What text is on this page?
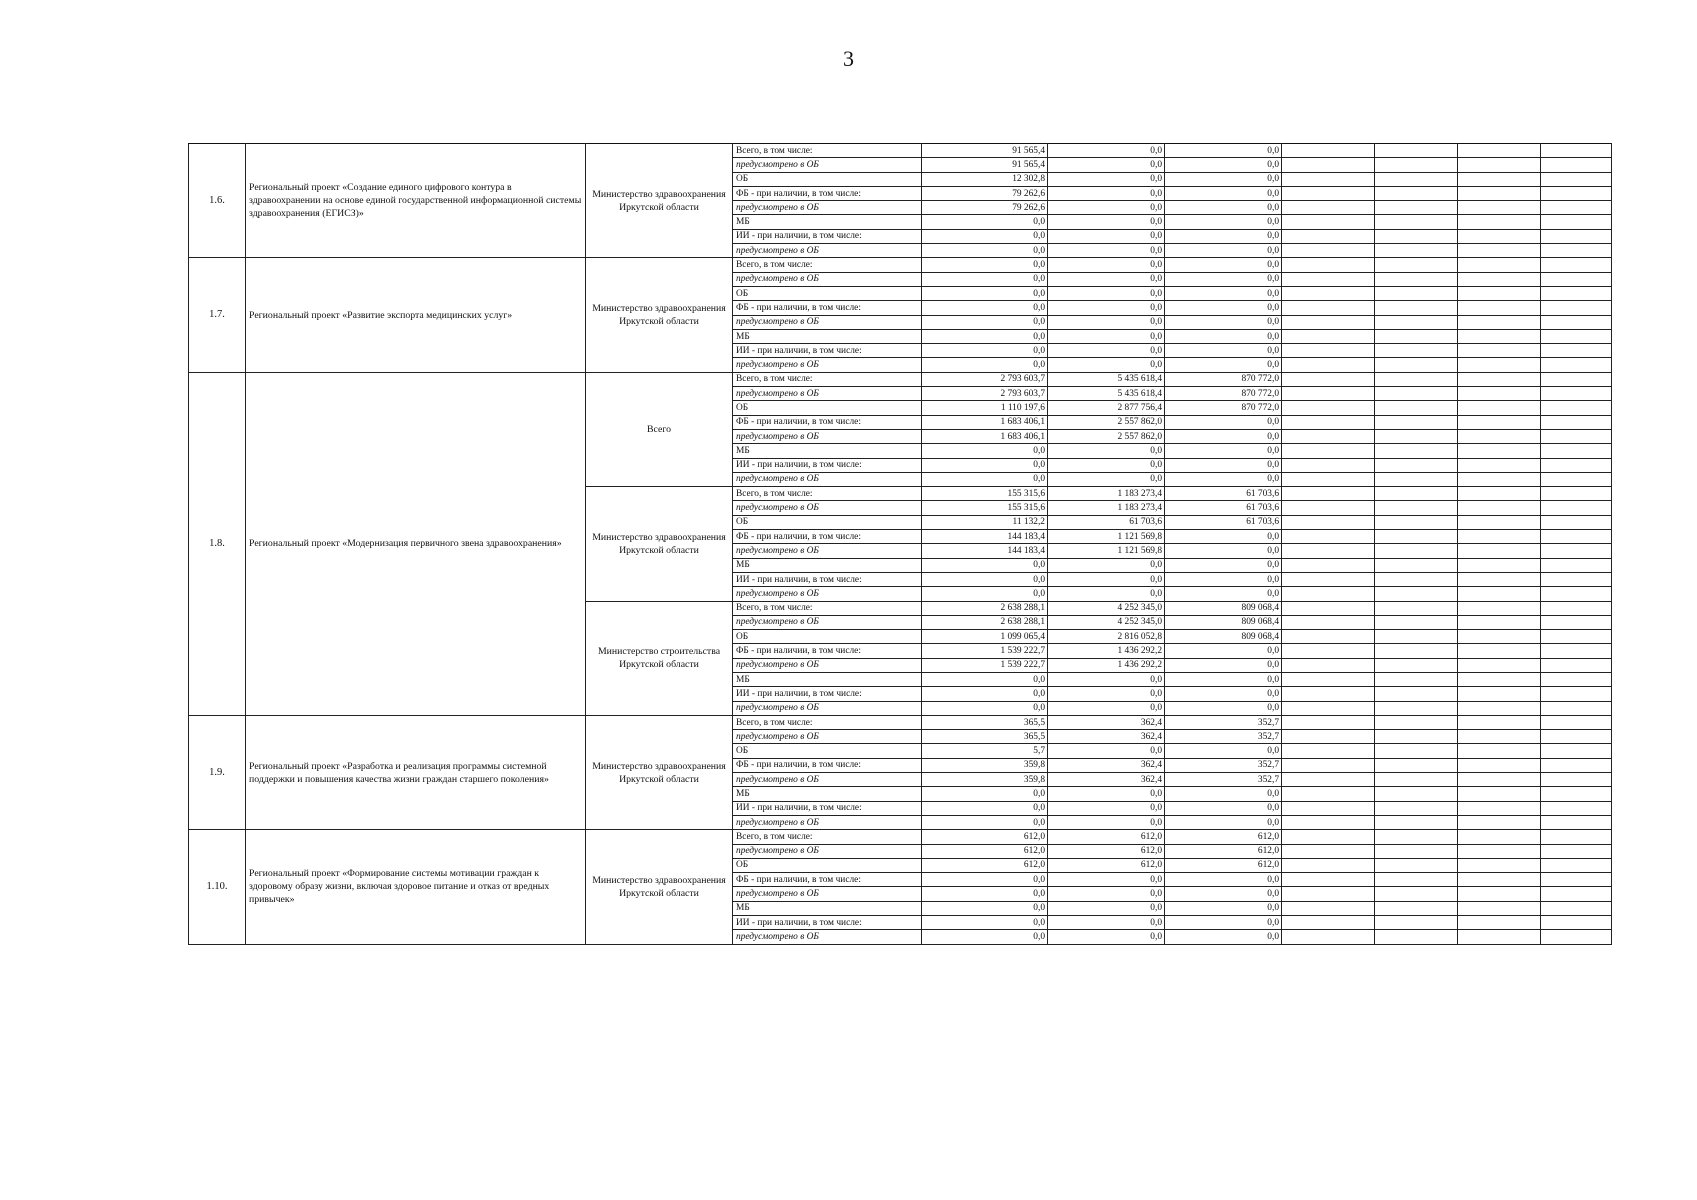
3
1.6.	Региональный проект «Создание единого цифрового контура в здравоохранении на основе единой государственной информационной системы здравоохранения (ЕГИСЗ)»	Министерство здравоохранения Иркутской области	Всего, в том числе:	91 565,4	0,0	0,0				
			предусмотрено в ОБ	91 565,4	0,0	0,0				
			ОБ	12 302,8	0,0	0,0				
			ФБ - при наличии, в том числе:	79 262,6	0,0	0,0				
			предусмотрено в ОБ	79 262,6	0,0	0,0				
			МБ	0,0	0,0	0,0				
			ИИ - при наличии, в том числе:	0,0	0,0	0,0				
			предусмотрено в ОБ	0,0	0,0	0,0				
1.7.	Региональный проект «Развитие экспорта медицинских услуг»	Министерство здравоохранения Иркутской области	Всего, в том числе:	0,0	0,0	0,0				
			предусмотрено в ОБ	0,0	0,0	0,0				
			ОБ	0,0	0,0	0,0				
			ФБ - при наличии, в том числе:	0,0	0,0	0,0				
			предусмотрено в ОБ	0,0	0,0	0,0				
			МБ	0,0	0,0	0,0				
			ИИ - при наличии, в том числе:	0,0	0,0	0,0				
			предусмотрено в ОБ	0,0	0,0	0,0				
1.8.	Региональный проект «Модернизация первичного звена здравоохранения»	Всего	Всего, в том числе:	2 793 603,7	5 435 618,4	870 772,0				
			предусмотрено в ОБ	2 793 603,7	5 435 618,4	870 772,0				
			ОБ	1 110 197,6	2 877 756,4	870 772,0				
			ФБ - при наличии, в том числе:	1 683 406,1	2 557 862,0	0,0				
			предусмотрено в ОБ	1 683 406,1	2 557 862,0	0,0				
			МБ	0,0	0,0	0,0				
			ИИ - при наличии, в том числе:	0,0	0,0	0,0				
			предусмотрено в ОБ	0,0	0,0	0,0				
		Министерство здравоохранения Иркутской области	Всего, в том числе:	155 315,6	1 183 273,4	61 703,6				
			предусмотрено в ОБ	155 315,6	1 183 273,4	61 703,6				
			ОБ	11 132,2	61 703,6	61 703,6				
			ФБ - при наличии, в том числе:	144 183,4	1 121 569,8	0,0				
			предусмотрено в ОБ	144 183,4	1 121 569,8	0,0				
			МБ	0,0	0,0	0,0				
			ИИ - при наличии, в том числе:	0,0	0,0	0,0				
			предусмотрено в ОБ	0,0	0,0	0,0				
		Министерство строительства Иркутской области	Всего, в том числе:	2 638 288,1	4 252 345,0	809 068,4				
			предусмотрено в ОБ	2 638 288,1	4 252 345,0	809 068,4				
			ОБ	1 099 065,4	2 816 052,8	809 068,4				
			ФБ - при наличии, в том числе:	1 539 222,7	1 436 292,2	0,0				
			предусмотрено в ОБ	1 539 222,7	1 436 292,2	0,0				
			МБ	0,0	0,0	0,0				
			ИИ - при наличии, в том числе:	0,0	0,0	0,0				
			предусмотрено в ОБ	0,0	0,0	0,0				
1.9.	Региональный проект «Разработка и реализация программы системной поддержки и повышения качества жизни граждан старшего поколения»	Министерство здравоохранения Иркутской области	Всего, в том числе:	365,5	362,4	352,7				
			предусмотрено в ОБ	365,5	362,4	352,7				
			ОБ	5,7	0,0	0,0				
			ФБ - при наличии, в том числе:	359,8	362,4	352,7				
			предусмотрено в ОБ	359,8	362,4	352,7				
			МБ	0,0	0,0	0,0				
			ИИ - при наличии, в том числе:	0,0	0,0	0,0				
			предусмотрено в ОБ	0,0	0,0	0,0				
1.10.	Региональный проект «Формирование системы мотивации граждан к здоровому образу жизни, включая здоровое питание и отказ от вредных привычек»	Министерство здравоохранения Иркутской области	Всего, в том числе:	612,0	612,0	612,0				
			предусмотрено в ОБ	612,0	612,0	612,0				
			ОБ	612,0	612,0	612,0				
			ФБ - при наличии, в том числе:	0,0	0,0	0,0				
			предусмотрено в ОБ	0,0	0,0	0,0				
			МБ	0,0	0,0	0,0				
			ИИ - при наличии, в том числе:	0,0	0,0	0,0				
			предусмотрено в ОБ	0,0	0,0	0,0				
